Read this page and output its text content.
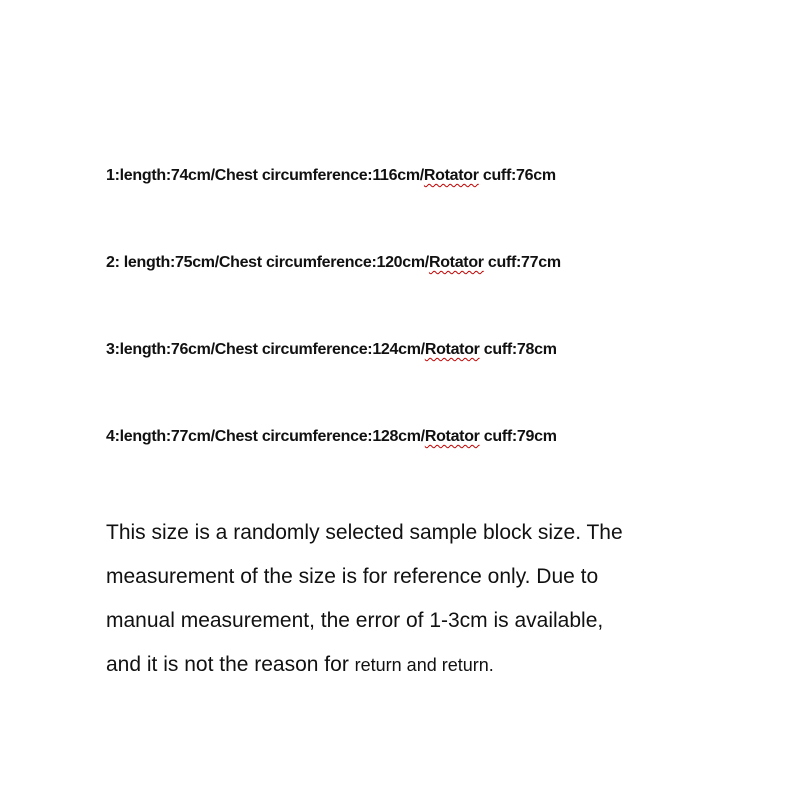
1:length:74cm/Chest circumference:116cm/Rotator cuff:76cm
2: length:75cm/Chest circumference:120cm/Rotator cuff:77cm
3:length:76cm/Chest circumference:124cm/Rotator cuff:78cm
4:length:77cm/Chest circumference:128cm/Rotator cuff:79cm
This size is a randomly selected sample block size. The
measurement of the size is for reference only. Due to
manual measurement, the error of 1-3cm is available,
and it is not the reason for return and return.
